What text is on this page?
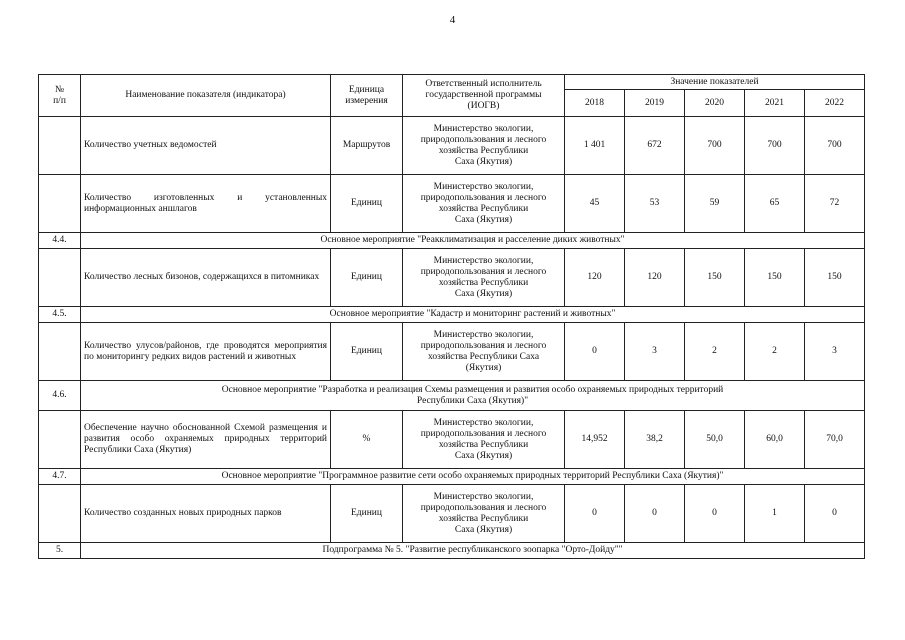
4
№
п/п	Наименование показателя (индикатора)	Единица
измерения	Ответственный исполнитель
государственной программы
(ИОГВ)	Значение показателей				
				2018	2019	2020	2021	2022
	Количество учетных ведомостей	Маршрутов	Министерство экологии,
природопользования и лесного
хозяйства Республики
Саха (Якутия)	1 401	672	700	700	700
	Количество изготовленных и установленных информационных аншлагов	Единиц	Министерство экологии,
природопользования и лесного
хозяйства Республики
Саха (Якутия)	45	53	59	65	72
4.4.	Основное мероприятие "Реакклиматизация и расселение диких животных"							
	Количество лесных бизонов, содержащихся в питомниках	Единиц	Министерство экологии,
природопользования и лесного
хозяйства Республики
Саха (Якутия)	120	120	150	150	150
4.5.	Основное мероприятие "Кадастр и мониторинг растений и животных"							
	Количество улусов/районов, где проводятся мероприятия по мониторингу редких видов растений и животных	Единиц	Министерство экологии,
природопользования и лесного
хозяйства Республики Саха
(Якутия)	0	3	2	2	3
4.6.	Основное мероприятие "Разработка и реализация Схемы размещения и развития особо охраняемых природных территорий
Республики Саха (Якутия)"							
	Обеспечение научно обоснованной Схемой размещения и развития особо охраняемых природных территорий Республики Саха (Якутия)	%	Министерство экологии,
природопользования и лесного
хозяйства Республики
Саха (Якутия)	14,952	38,2	50,0	60,0	70,0
4.7.	Основное мероприятие "Программное развитие сети особо охраняемых природных территорий Республики Саха (Якутия)"							
	Количество созданных новых природных парков	Единиц	Министерство экологии,
природопользования и лесного
хозяйства Республики
Саха (Якутия)	0	0	0	1	0
5.	Подпрограмма № 5. "Развитие республиканского зоопарка "Орто-Дойду""							
